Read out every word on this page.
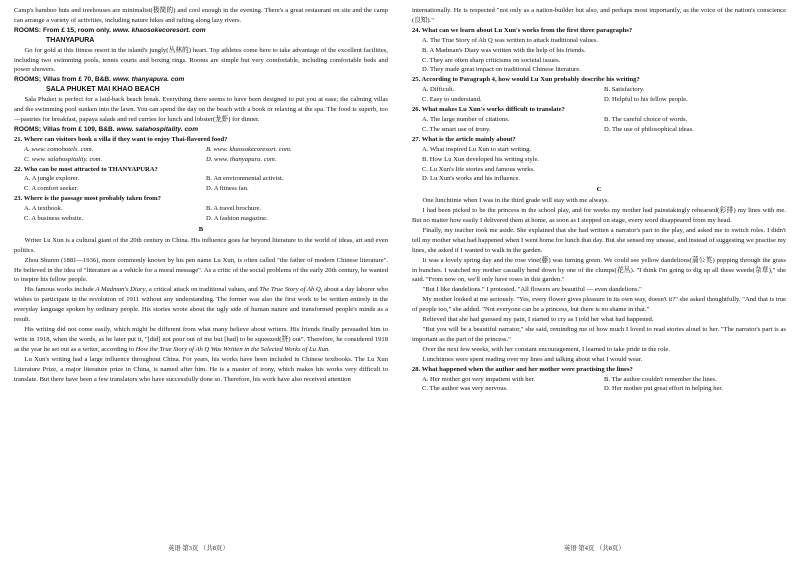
Camp's bamboo huts and treehouses are minimalist(极简的) and cool enough in the evening. There's a great restaurant on site and the camp can arrange a variety of activities, including nature hikes and rafting along lazy rivers.

ROOMS: From £ 15, room only. www. khaosokecoresort. com

THANYAPURA

Go for gold at this fitness resort in the island's jungly(丛林的) heart. Top athletes come here to take advantage of the excellent facilities, including two swimming pools, tennis courts and boxing rings. Rooms are simple but very comfortable, including comfortable beds and power showers.

ROOMS; Villas from £ 70, B&B. www. thanyapura. com

SALA PHUKET MAI KHAO BEACH

Sala Phuket is perfect for a laid-back beach break. Everything there seems to have been designed to put you at ease; the calming villas and the swimming pool sunken into the lawn. You can spend the day on the beach with a book or relaxing at the spa. The food is superb, too—pastries for breakfast, papaya salads and red curries for lunch and lobster(龙虾) for dinner.

ROOMS; Villas from £ 109, B&B. www. salahospitality. com

21. Where can visitors book a villa if they want to enjoy Thai-flavored food?

A. www. comohotels. com.	B. www. khaosokecoresort. com.
C. www. salahospitality. com.	D. www. thanyapura. com.

22. Who can be most attracted to THANYAPURA?

A. A jungle explorer.	B. An environmental activist.
C. A comfort seeker.	D. A fitness fan.

23. Where is the passage most probably taken from?

A. A textbook.	B. A travel brochure.
C. A business website.	D. A fashion magazine.

B

Writer Lu Xun is a cultural giant of the 20th century in China. His influence goes far beyond literature to the world of ideas, art and even politics.

Zhou Shuren (1881—1936), more commonly known by his pen name Lu Xun, is often called "the father of modern Chinese literature". He believed in the idea of "literature as a vehicle for a moral message". As a critic of the social problems of the early 20th century, he wanted to inspire his fellow people.

His famous works include A Madman's Diary, a critical attack on traditional values, and The True Story of Ah Q, about a day laborer who wishes to participate in the revolution of 1911 without any understanding. The former was also the first work to be written entirely in the everyday language spoken by ordinary people. His stories wrote about the ugly side of human nature and transformed people's minds as a result.

His writing did not come easily, which might be different from what many believe about writers. His friends finally persuaded him to write in 1918, when the words, as he later put it, "[did] not pour out of me but [had] to be squeezed(挤) out". Therefore, he considered 1918 as the year he set out as a writer, according to How the True Story of Ah Q Was Written in the Selected Works of Lu Xun.

Lu Xun's writing had a large influence throughout China. For years, his works have been included in Chinese textbooks. The Lu Xun Literature Prize, a major literature prize in China, is named after him. He is a master of irony, which makes his works very difficult to translate. But there have been a few translators who have successfully done so. Therefore, his work have also received attention

internationally. He is respected "not only as a nation-builder but also, and perhaps most importantly, as the voice of the nation's conscience (良知)."

24. What can we learn about Lu Xun's works from the first three paragraphs?

A. The True Story of Ah Q was written to attack traditional values.
B. A Madman's Diary was written with the help of his friends.
C. They are often sharp criticisms on societal issues.
D. They made great impact on traditional Chinese literature.

25. According to Paragraph 4, how would Lu Xun probably describe his writing?

A. Difficult.	B. Satisfactory.
C. Easy to understand.	D. Helpful to his fellow people.

26. What makes Lu Xun's works difficult to translate?

A. The large number of citations.	B. The careful choice of words.
C. The smart use of irony.	D. The use of philosophical ideas.

27. What is the article mainly about?

A. What inspired Lu Xun to start writing.
B. How Lu Xun developed his writing style.
C. Lu Xun's life stories and famous works.
D. Lu Xun's works and his influence.

C

One lunchtime when I was in the third grade will stay with me always.

I had been picked to be the princess in the school play, and for weeks my mother had painstakingly rehearsed(彩排) my lines with me. But no matter how easily I delivered them at home, as soon as I stepped on stage, every word disappeared from my head.

Finally, my teacher took me aside. She explained that she had written a narrator's part to the play, and asked me to switch roles. I didn't tell my mother what had happened when I went home for lunch that day. But she sensed my unease, and instead of suggesting we practise my lines, she asked if I wanted to walk in the garden.

It was a lovely spring day and the rose vine(藤) was turning green. We could see yellow dandelions(蒲公英) popping through the grass in bunches. I watched my mother casually bend down by one of the clumps(花丛). "I think I'm going to dig up all these weeds(杂草)," she said. "From now on, we'll only have roses in this garden."

"But I like dandelions." I protested. "All flowers are beautiful — even dandelions."

My mother looked at me seriously. "Yes, every flower gives pleasure in its own way, doesn't it?" she asked thoughtfully. "And that is true of people too," she added. "Not everyone can be a princess, but there is no shame in that."

Relieved that she had guessed my pain, I started to cry as I told her what had happened.

"But you will be a beautiful narrator," she said, reminding me of how much I loved to read stories aloud to her. "The narrator's part is as important as the part of the princess."

Over the next few weeks, with her constant encouragement, I learned to take pride in the role.

Lunchtimes were spent reading over my lines and talking about what I would wear.

28. What happened when the author and her mother were practising the lines?

A. Her mother got very impatient with her.	B. The author couldn't remember the lines.
C. The author was very nervous.	D. Her mother put great effort in helping her.
英语 第3页 （共8页）	英语 第4页 （共8页）
